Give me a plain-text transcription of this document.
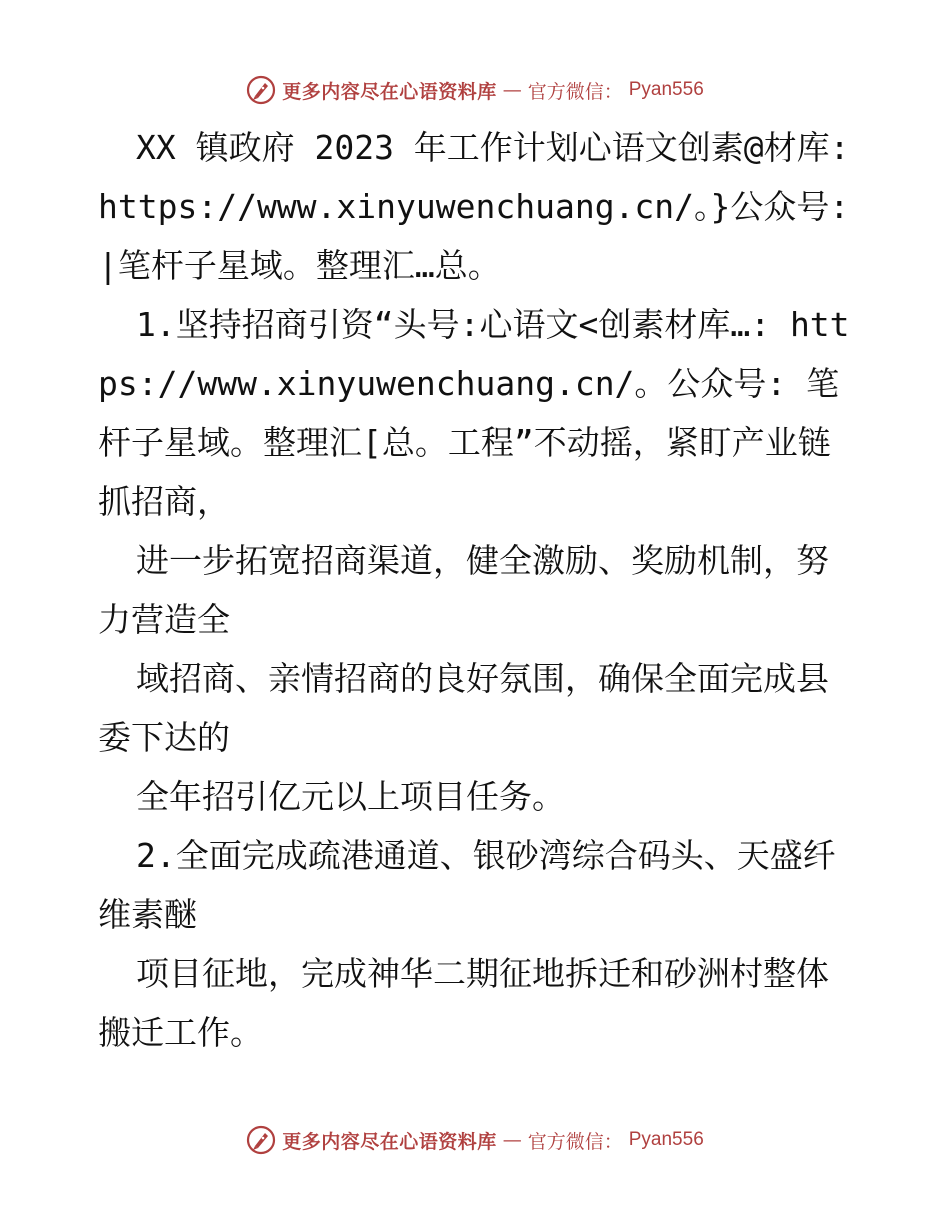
更多内容尽在心语资料库 — 官方微信： Pyan556

XX 镇政府 2023 年工作计划心语文创素@材库: https://www.xinyuwenchuang.cn/。}公众号: |笔杆子星域。整理汇…总。

1.坚持招商引资“头号:心语文<创素材库…: https://www.xinyuwenchuang.cn/。公众号: 笔杆子星域。整理汇[总。工程”不动摇，紧盯产业链抓招商，

进一步拓宽招商渠道，健全激励、奖励机制，努力营造全

域招商、亲情招商的良好氛围，确保全面完成县委下达的

全年招引亿元以上项目任务。

2.全面完成疏港通道、银砂湾综合码头、天盛纤维素醚

项目征地，完成神华二期征地拆迁和砂洲村整体搬迁工作。

更多内容尽在心语资料库 — 官方微信： Pyan556
